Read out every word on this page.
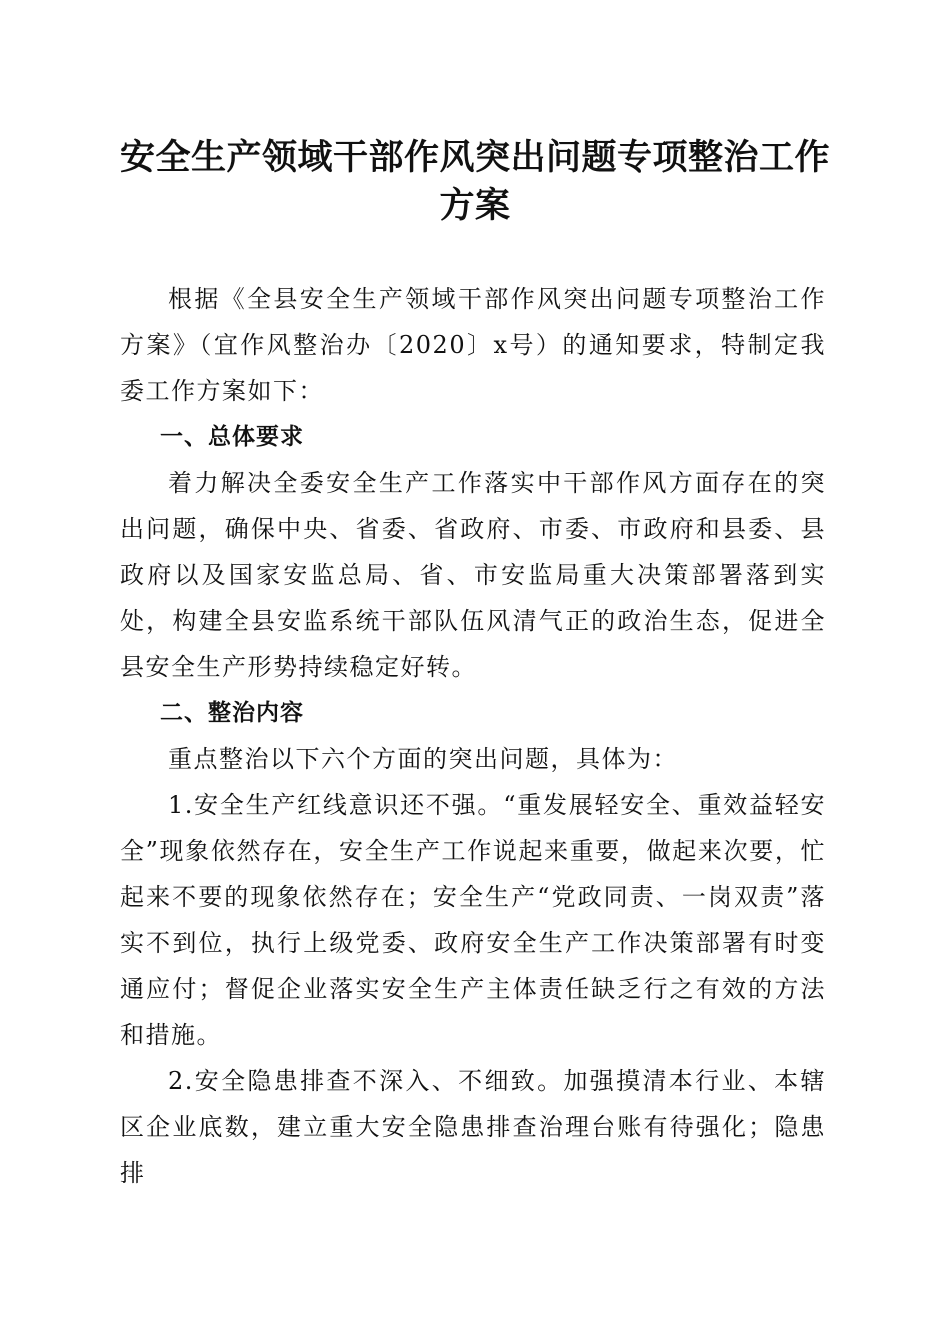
安全生产领域干部作风突出问题专项整治工作方案

根据《全县安全生产领域干部作风突出问题专项整治工作方案》（宜作风整治办〔2020〕x号）的通知要求，特制定我委工作方案如下：

一、总体要求

着力解决全委安全生产工作落实中干部作风方面存在的突出问题，确保中央、省委、省政府、市委、市政府和县委、县政府以及国家安监总局、省、市安监局重大决策部署落到实处，构建全县安监系统干部队伍风清气正的政治生态，促进全县安全生产形势持续稳定好转。

二、整治内容

重点整治以下六个方面的突出问题，具体为：

1.安全生产红线意识还不强。“重发展轻安全、重效益轻安全”现象依然存在，安全生产工作说起来重要，做起来次要，忙起来不要的现象依然存在；安全生产“党政同责、一岗双责”落实不到位，执行上级党委、政府安全生产工作决策部署有时变通应付；督促企业落实安全生产主体责任缺乏行之有效的方法和措施。

2.安全隐患排查不深入、不细致。加强摸清本行业、本辖区企业底数，建立重大安全隐患排查治理台账有待强化；隐患排
